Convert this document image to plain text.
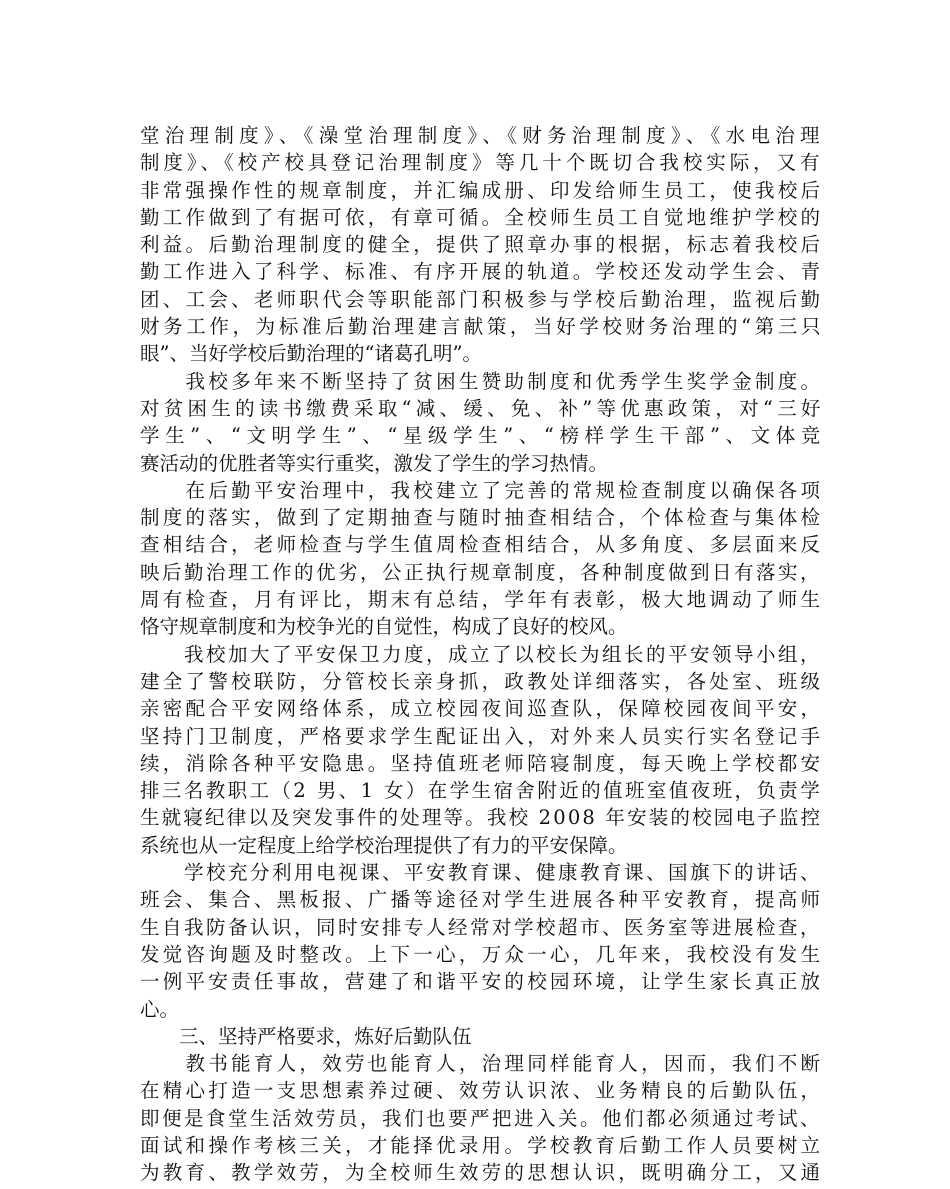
堂治理制度》、《澡堂治理制度》、《财务治理制度》、《水电治理
制度》、《校产校具登记治理制度》等几十个既切合我校实际，又有
非常强操作性的规章制度，并汇编成册、印发给师生员工，使我校后
勤工作做到了有据可依，有章可循。全校师生员工自觉地维护学校的
利益。后勤治理制度的健全，提供了照章办事的根据，标志着我校后
勤工作进入了科学、标准、有序开展的轨道。学校还发动学生会、青
团、工会、老师职代会等职能部门积极参与学校后勤治理，监视后勤
财务工作，为标准后勤治理建言献策，当好学校财务治理的“第三只
眼”、当好学校后勤治理的“诸葛孔明”。
　　我校多年来不断坚持了贫困生赞助制度和优秀学生奖学金制度。
对贫困生的读书缴费采取“减、缓、免、补”等优惠政策，对“三好
学生”、“文明学生”、“星级学生”、“榜样学生干部”、文体竞
赛活动的优胜者等实行重奖，激发了学生的学习热情。
　　在后勤平安治理中，我校建立了完善的常规检查制度以确保各项
制度的落实，做到了定期抽查与随时抽查相结合，个体检查与集体检
查相结合，老师检查与学生值周检查相结合，从多角度、多层面来反
映后勤治理工作的优劣，公正执行规章制度，各种制度做到日有落实，
周有检查，月有评比，期末有总结，学年有表彰，极大地调动了师生
恪守规章制度和为校争光的自觉性，构成了良好的校风。
　　我校加大了平安保卫力度，成立了以校长为组长的平安领导小组，
建全了警校联防，分管校长亲身抓，政教处详细落实，各处室、班级
亲密配合平安网络体系，成立校园夜间巡查队，保障校园夜间平安，
坚持门卫制度，严格要求学生配证出入，对外来人员实行实名登记手
续，消除各种平安隐患。坚持值班老师陪寝制度，每天晚上学校都安
排三名教职工（2 男、1 女）在学生宿舍附近的值班室值夜班，负责学
生就寝纪律以及突发事件的处理等。我校 2008 年安装的校园电子监控
系统也从一定程度上给学校治理提供了有力的平安保障。
　　学校充分利用电视课、平安教育课、健康教育课、国旗下的讲话、
班会、集合、黑板报、广播等途径对学生进展各种平安教育，提高师
生自我防备认识，同时安排专人经常对学校超市、医务室等进展检查，
发觉咨询题及时整改。上下一心，万众一心，几年来，我校没有发生
一例平安责任事故，营建了和谐平安的校园环境，让学生家长真正放
心。
　　三、坚持严格要求，炼好后勤队伍
　　教书能育人，效劳也能育人，治理同样能育人，因而，我们不断
在精心打造一支思想素养过硬、效劳认识浓、业务精良的后勤队伍，
即便是食堂生活效劳员，我们也要严把进入关。他们都必须通过考试、
面试和操作考核三关，才能择优录用。学校教育后勤工作人员要树立
为教育、教学效劳，为全校师生效劳的思想认识，既明确分工，又通
